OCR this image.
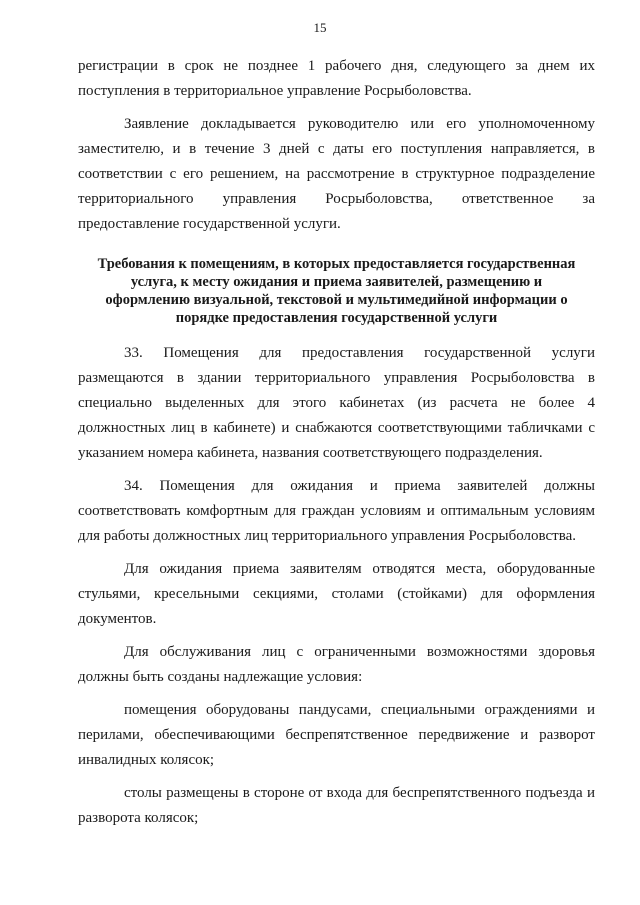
15

регистрации в срок не позднее 1 рабочего дня, следующего за днем их поступления в территориальное управление Росрыболовства.

Заявление докладывается руководителю или его уполномоченному заместителю, и в течение 3 дней с даты его поступления направляется, в соответствии с его решением, на рассмотрение в структурное подразделение территориального управления Росрыболовства, ответственное за предоставление государственной услуги.

Требования к помещениям, в которых предоставляется государственная услуга, к месту ожидания и приема заявителей, размещению и оформлению визуальной, текстовой и мультимедийной информации о порядке предоставления государственной услуги

33. Помещения для предоставления государственной услуги размещаются в здании территориального управления Росрыболовства в специально выделенных для этого кабинетах (из расчета не более 4 должностных лиц в кабинете) и снабжаются соответствующими табличками с указанием номера кабинета, названия соответствующего подразделения.

34. Помещения для ожидания и приема заявителей должны соответствовать комфортным для граждан условиям и оптимальным условиям для работы должностных лиц территориального управления Росрыболовства.

Для ожидания приема заявителям отводятся места, оборудованные стульями, кресельными секциями, столами (стойками) для оформления документов.

Для обслуживания лиц с ограниченными возможностями здоровья должны быть созданы надлежащие условия:

помещения оборудованы пандусами, специальными ограждениями и перилами, обеспечивающими беспрепятственное передвижение и разворот инвалидных колясок;

столы размещены в стороне от входа для беспрепятственного подъезда и разворота колясок;
